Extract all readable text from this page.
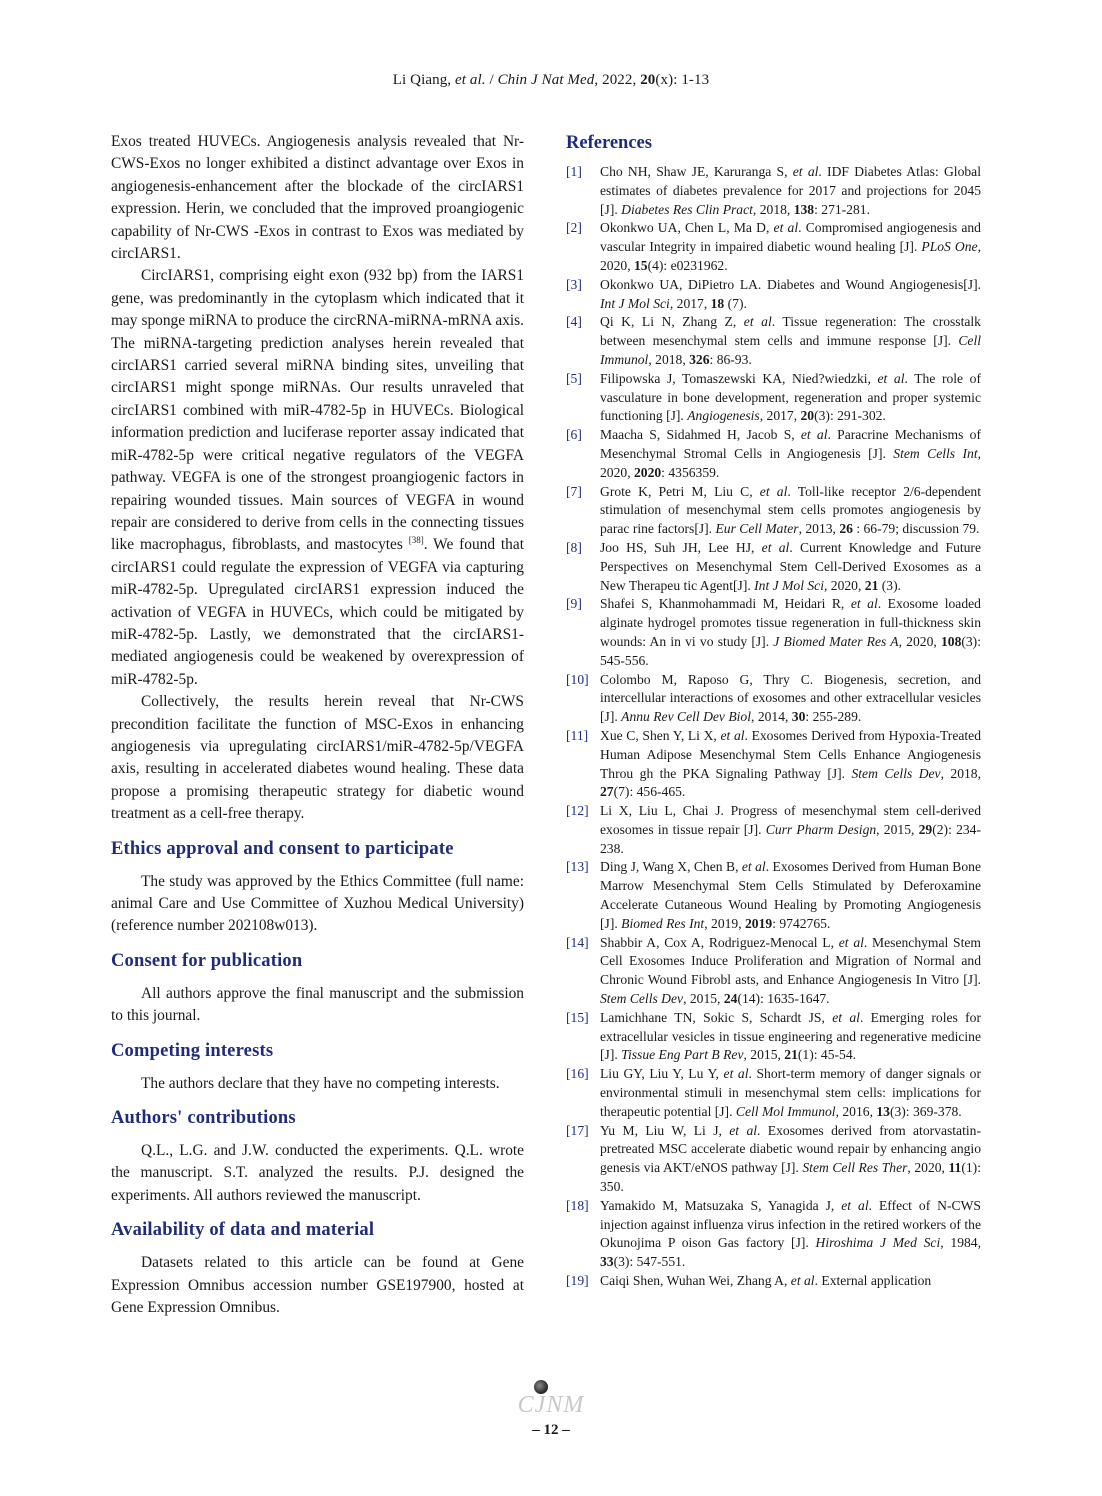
Li Qiang, et al. / Chin J Nat Med, 2022, 20(x): 1-13

Exos treated HUVECs. Angiogenesis analysis revealed that Nr-CWS-Exos no longer exhibited a distinct advantage over Exos in angiogenesis-enhancement after the blockade of the circIARS1 expression. Herin, we concluded that the improved proangiogenic capability of Nr-CWS -Exos in contrast to Exos was mediated by circIARS1.

CircIARS1, comprising eight exon (932 bp) from the IARS1 gene, was predominantly in the cytoplasm which indicated that it may sponge miRNA to produce the circRNA-miRNA-mRNA axis. The miRNA-targeting prediction analyses herein revealed that circIARS1 carried several miRNA binding sites, unveiling that circIARS1 might sponge miRNAs. Our results unraveled that circIARS1 combined with miR-4782-5p in HUVECs. Biological information prediction and luciferase reporter assay indicated that miR-4782-5p were critical negative regulators of the VEGFA pathway. VEGFA is one of the strongest proangiogenic factors in repairing wounded tissues. Main sources of VEGFA in wound repair are considered to derive from cells in the connecting tissues like macrophagus, fibroblasts, and mastocytes [38]. We found that circIARS1 could regulate the expression of VEGFA via capturing miR-4782-5p. Upregulated circIARS1 expression induced the activation of VEGFA in HUVECs, which could be mitigated by miR-4782-5p. Lastly, we demonstrated that the circIARS1-mediated angiogenesis could be weakened by overexpression of miR-4782-5p.

Collectively, the results herein reveal that Nr-CWS precondition facilitate the function of MSC-Exos in enhancing angiogenesis via upregulating circIARS1/miR-4782-5p/VEGFA axis, resulting in accelerated diabetes wound healing. These data propose a promising therapeutic strategy for diabetic wound treatment as a cell-free therapy.

Ethics approval and consent to participate

The study was approved by the Ethics Committee (full name: animal Care and Use Committee of Xuzhou Medical University) (reference number 202108w013).

Consent for publication

All authors approve the final manuscript and the submission to this journal.

Competing interests

The authors declare that they have no competing interests.

Authors' contributions

Q.L., L.G. and J.W. conducted the experiments. Q.L. wrote the manuscript. S.T. analyzed the results. P.J. designed the experiments. All authors reviewed the manuscript.

Availability of data and material

Datasets related to this article can be found at Gene Expression Omnibus accession number GSE197900, hosted at Gene Expression Omnibus.

References
[1]	Cho NH, Shaw JE, Karuranga S, et al. IDF Diabetes Atlas: Global estimates of diabetes prevalence for 2017 and projections for 2045 [J]. Diabetes Res Clin Pract, 2018, 138: 271-281.
[2]	Okonkwo UA, Chen L, Ma D, et al. Compromised angiogenesis and vascular Integrity in impaired diabetic wound healing [J]. PLoS One, 2020, 15(4): e0231962.
[3]	Okonkwo UA, DiPietro LA. Diabetes and Wound Angiogenesis[J]. Int J Mol Sci, 2017, 18 (7).
[4]	Qi K, Li N, Zhang Z, et al. Tissue regeneration: The crosstalk between mesenchymal stem cells and immune response [J]. Cell Immunol, 2018, 326: 86-93.
[5]	Filipowska J, Tomaszewski KA, Nied?wiedzki, et al. The role of vasculature in bone development, regeneration and proper systemic functioning [J]. Angiogenesis, 2017, 20(3): 291-302.
[6]	Maacha S, Sidahmed H, Jacob S, et al. Paracrine Mechanisms of Mesenchymal Stromal Cells in Angiogenesis [J]. Stem Cells Int, 2020, 2020: 4356359.
[7]	Grote K, Petri M, Liu C, et al. Toll-like receptor 2/6-dependent stimulation of mesenchymal stem cells promotes angiogenesis by parac rine factors[J]. Eur Cell Mater, 2013, 26 : 66-79; discussion 79.
[8]	Joo HS, Suh JH, Lee HJ, et al. Current Knowledge and Future Perspectives on Mesenchymal Stem Cell-Derived Exosomes as a New Therapeu tic Agent[J]. Int J Mol Sci, 2020, 21 (3).
[9]	Shafei S, Khanmohammadi M, Heidari R, et al. Exosome loaded alginate hydrogel promotes tissue regeneration in full-thickness skin wounds: An in vi vo study [J]. J Biomed Mater Res A, 2020, 108(3): 545-556.
[10] Colombo M, Raposo G, Thry C. Biogenesis, secretion, and intercellular interactions of exosomes and other extracellular vesicles [J]. Annu Rev Cell Dev Biol, 2014, 30: 255-289.
[11] Xue C, Shen Y, Li X, et al. Exosomes Derived from Hypoxia-Treated Human Adipose Mesenchymal Stem Cells Enhance Angiogenesis Throu gh the PKA Signaling Pathway [J]. Stem Cells Dev, 2018, 27(7): 456-465.
[12] Li X, Liu L, Chai J. Progress of mesenchymal stem cell-derived exosomes in tissue repair [J]. Curr Pharm Design, 2015, 29(2): 234-238.
[13] Ding J, Wang X, Chen B, et al. Exosomes Derived from Human Bone Marrow Mesenchymal Stem Cells Stimulated by Deferoxamine Accelerate Cutaneous Wound Healing by Promoting Angiogenesis [J]. Biomed Res Int, 2019, 2019: 9742765.
[14] Shabbir A, Cox A, Rodriguez-Menocal L, et al. Mesenchymal Stem Cell Exosomes Induce Proliferation and Migration of Normal and Chronic Wound Fibrobl asts, and Enhance Angiogenesis In Vitro [J]. Stem Cells Dev, 2015, 24(14): 1635-1647.
[15] Lamichhane TN, Sokic S, Schardt JS, et al. Emerging roles for extracellular vesicles in tissue engineering and regenerative medicine [J]. Tissue Eng Part B Rev, 2015, 21(1): 45-54.
[16] Liu GY, Liu Y, Lu Y, et al. Short-term memory of danger signals or environmental stimuli in mesenchymal stem cells: implications for therapeutic potential [J]. Cell Mol Immunol, 2016, 13(3): 369-378.
[17] Yu M, Liu W, Li J, et al. Exosomes derived from atorvastatin-pretreated MSC accelerate diabetic wound repair by enhancing angio genesis via AKT/eNOS pathway [J]. Stem Cell Res Ther, 2020, 11(1): 350.
[18] Yamakido M, Matsuzaka S, Yanagida J, et al. Effect of N-CWS injection against influenza virus infection in the retired workers of the Okunojima P oison Gas factory [J]. Hiroshima J Med Sci, 1984, 33(3): 547-551.
[19] Caiqi Shen, Wuhan Wei, Zhang A, et al. External application
CJNM
– 12 –
